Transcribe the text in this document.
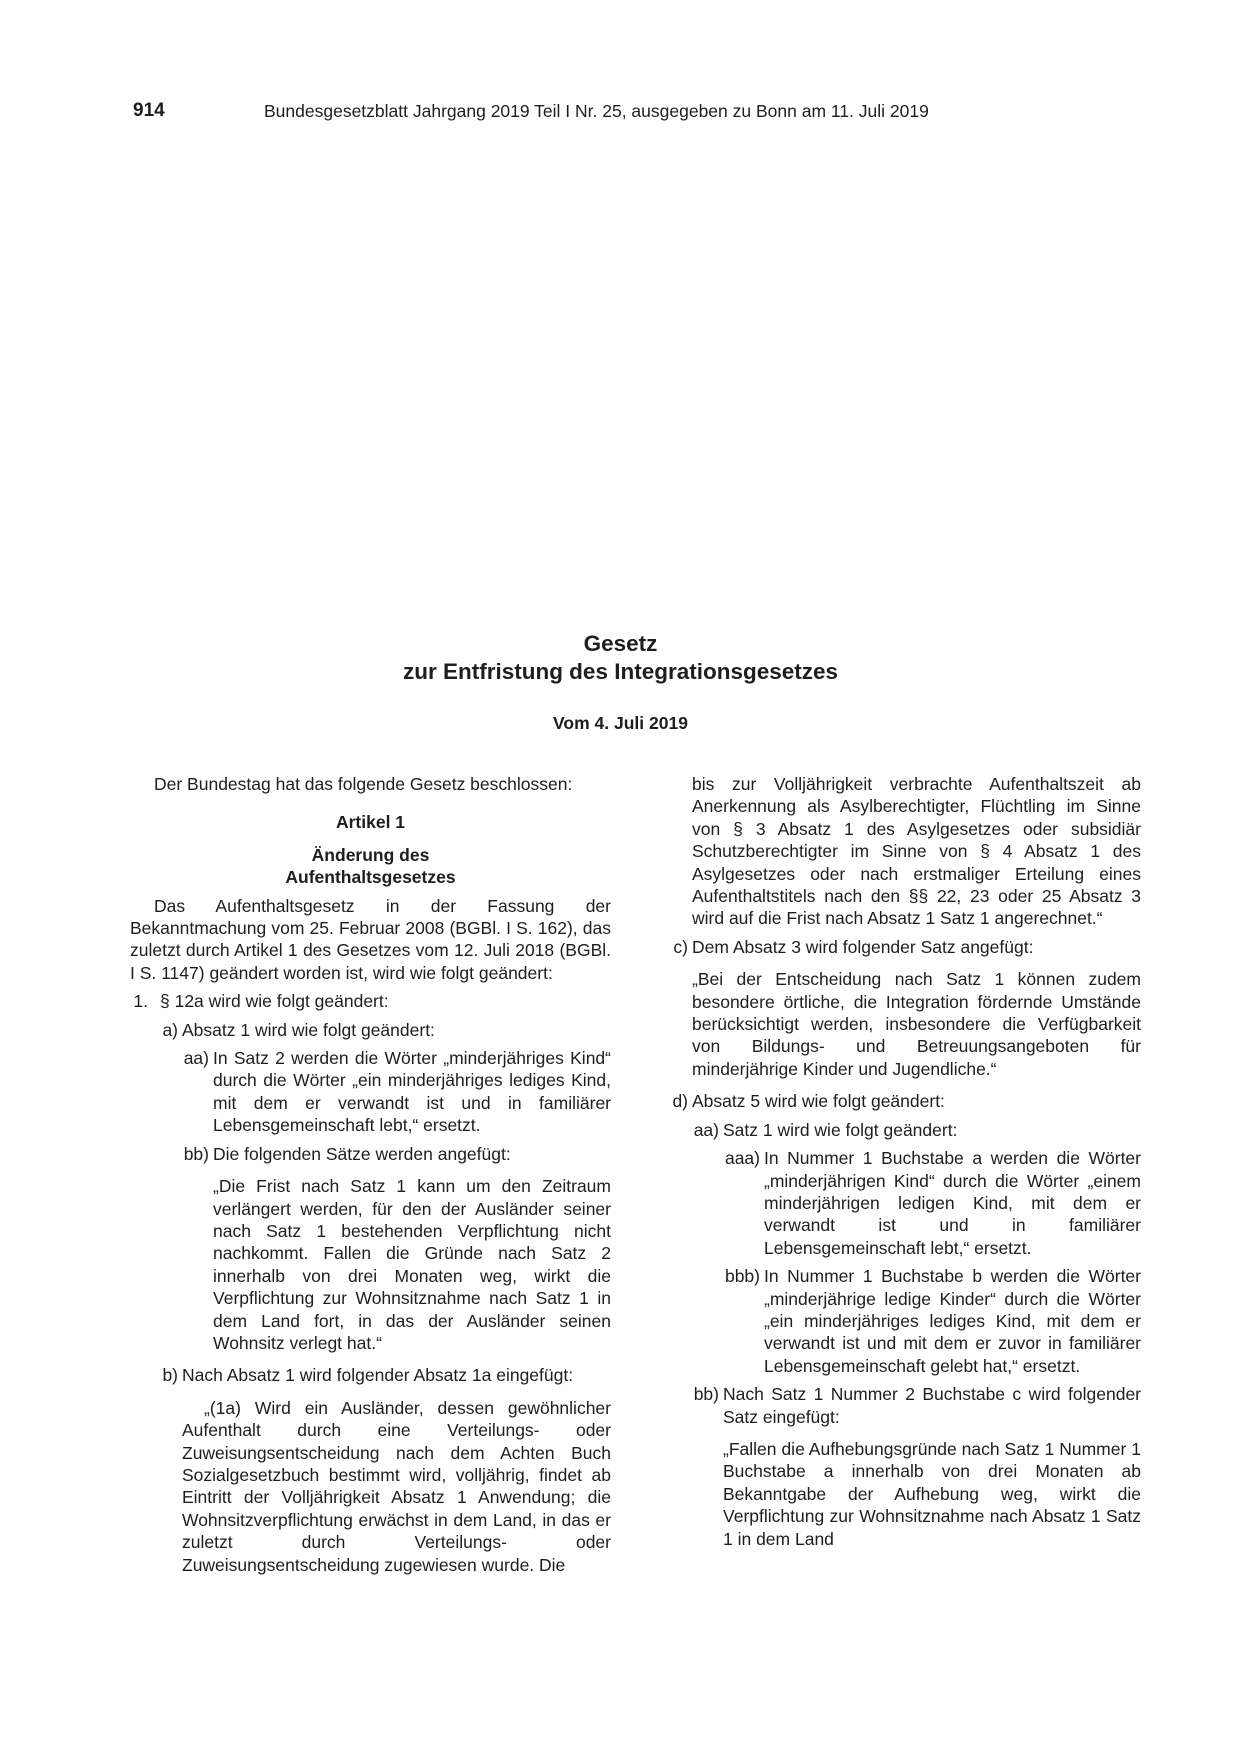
914	Bundesgesetzblatt Jahrgang 2019 Teil I Nr. 25, ausgegeben zu Bonn am 11. Juli 2019
Gesetz
zur Entfristung des Integrationsgesetzes
Vom 4. Juli 2019

Der Bundestag hat das folgende Gesetz beschlossen:

Artikel 1
Änderung des
Aufenthaltsgesetzes

Das Aufenthaltsgesetz in der Fassung der Bekanntmachung vom 25. Februar 2008 (BGBl. I S. 162), das zuletzt durch Artikel 1 des Gesetzes vom 12. Juli 2018 (BGBl. I S. 1147) geändert worden ist, wird wie folgt geändert:

1. § 12a wird wie folgt geändert:
a) Absatz 1 wird wie folgt geändert:
aa) In Satz 2 werden die Wörter „minderjähriges Kind“ durch die Wörter „ein minderjähriges lediges Kind, mit dem er verwandt ist und in familiärer Lebensgemeinschaft lebt,“ ersetzt.
bb) Die folgenden Sätze werden angefügt:

„Die Frist nach Satz 1 kann um den Zeitraum verlängert werden, für den der Ausländer seiner nach Satz 1 bestehenden Verpflichtung nicht nachkommt. Fallen die Gründe nach Satz 2 innerhalb von drei Monaten weg, wirkt die Verpflichtung zur Wohnsitznahme nach Satz 1 in dem Land fort, in das der Ausländer seinen Wohnsitz verlegt hat.“

b) Nach Absatz 1 wird folgender Absatz 1a eingefügt:

„(1a) Wird ein Ausländer, dessen gewöhnlicher Aufenthalt durch eine Verteilungs- oder Zuweisungsentscheidung nach dem Achten Buch Sozialgesetzbuch bestimmt wird, volljährig, findet ab Eintritt der Volljährigkeit Absatz 1 Anwendung; die Wohnsitzverpflichtung erwächst in dem Land, in das er zuletzt durch Verteilungs- oder Zuweisungsentscheidung zugewiesen wurde. Die

bis zur Volljährigkeit verbrachte Aufenthaltszeit ab Anerkennung als Asylberechtigter, Flüchtling im Sinne von § 3 Absatz 1 des Asylgesetzes oder subsidiär Schutzberechtigter im Sinne von § 4 Absatz 1 des Asylgesetzes oder nach erstmaliger Erteilung eines Aufenthaltstitels nach den §§ 22, 23 oder 25 Absatz 3 wird auf die Frist nach Absatz 1 Satz 1 angerechnet.“

c) Dem Absatz 3 wird folgender Satz angefügt:

„Bei der Entscheidung nach Satz 1 können zudem besondere örtliche, die Integration fördernde Umstände berücksichtigt werden, insbesondere die Verfügbarkeit von Bildungs- und Betreuungsangeboten für minderjährige Kinder und Jugendliche.“

d) Absatz 5 wird wie folgt geändert:
aa) Satz 1 wird wie folgt geändert:
aaa) In Nummer 1 Buchstabe a werden die Wörter „minderjährigen Kind“ durch die Wörter „einem minderjährigen ledigen Kind, mit dem er verwandt ist und in familiärer Lebensgemeinschaft lebt,“ ersetzt.
bbb) In Nummer 1 Buchstabe b werden die Wörter „minderjährige ledige Kinder“ durch die Wörter „ein minderjähriges lediges Kind, mit dem er verwandt ist und mit dem er zuvor in familiärer Lebensgemeinschaft gelebt hat,“ ersetzt.
bb) Nach Satz 1 Nummer 2 Buchstabe c wird folgender Satz eingefügt:

„Fallen die Aufhebungsgründe nach Satz 1 Nummer 1 Buchstabe a innerhalb von drei Monaten ab Bekanntgabe der Aufhebung weg, wirkt die Verpflichtung zur Wohnsitznahme nach Absatz 1 Satz 1 in dem Land
